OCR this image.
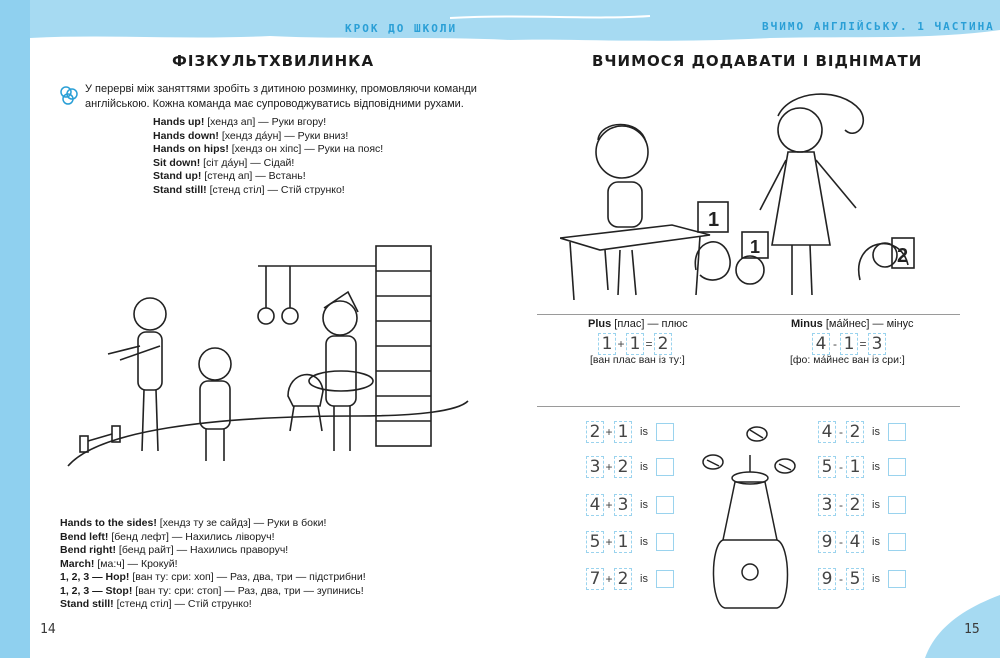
КРОК ДО ШКОЛИ	ВЧИМО АНГЛІЙСЬКУ. 1 ЧАСТИНА
ФІЗКУЛЬТХВИЛИНКА
У перерві між заняттями зробіть з дитиною розминку, промовляючи команди англійською. Кожна команда має супроводжуватись відповідними рухами.
Hands up! [хендз ап] — Руки вгору!
Hands down! [хендз да́ун] — Руки вниз!
Hands on hips! [хендз он хіпс] — Руки на пояс!
Sit down! [сіт да́ун] — Сідай!
Stand up! [стенд ап] — Встань!
Stand still! [стенд стіл] — Стій струнко!
Hands to the sides! [хендз ту зе сайдз] — Руки в боки!
Bend left! [бенд лефт] — Нахились ліворуч!
Bend right! [бенд райт] — Нахились праворуч!
March! [ма:ч] — Крокуй!
1, 2, 3 — Hop! [ван ту: сри: хоп] — Раз, два, три — підстрибни!
1, 2, 3 — Stop! [ван ту: сри: стоп] — Раз, два, три — зупинись!
Stand still! [стенд стіл] — Стій струнко!
14
ВЧИМОСЯ ДОДАВАТИ І ВІДНІМАТИ
1
1	2
Plus [плас] — плюс
1 + 1 = 2
[ван плас ван із ту:]
Minus [ма́йнес] — мінус
4 - 1 = 3
[фо: ма́йнес ван із сри:]
2 + 1	is
3 + 2	is
4 + 3	is
5 + 1	is
7 + 2	is
4 - 2	is
5 - 1	is
3 - 2	is
9 - 4	is
9 - 5	is
15
